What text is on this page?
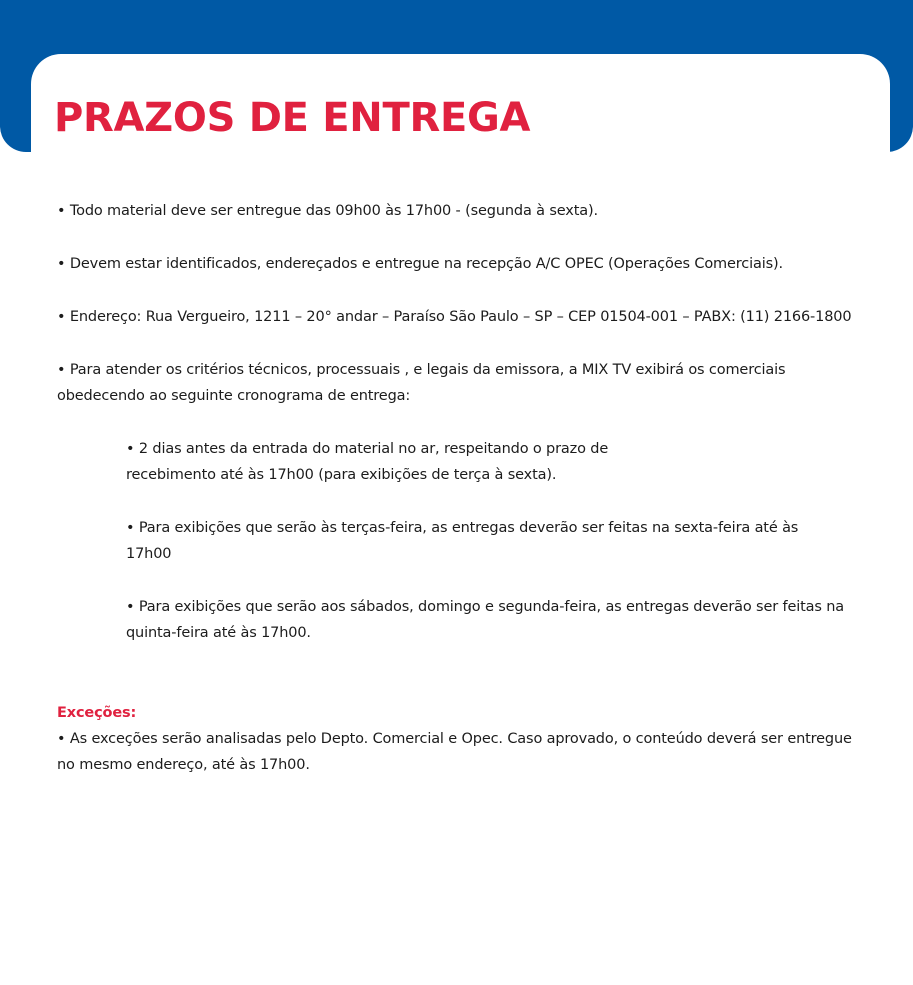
PRAZOS DE ENTREGA

• Todo material deve ser entregue das 09h00 às 17h00 - (segunda à sexta).

• Devem estar identificados, endereçados e entregue na recepção A/C OPEC (Operações Comerciais).

• Endereço: Rua Vergueiro, 1211 – 20° andar – Paraíso São Paulo – SP – CEP 01504-001 – PABX: (11) 2166-1800

• Para atender os critérios técnicos, processuais , e legais da emissora, a MIX TV exibirá os comerciais obedecendo ao seguinte cronograma de entrega:

• 2 dias antes da entrada do material no ar, respeitando o prazo de recebimento até às 17h00 (para exibições de terça à sexta).

• Para exibições que serão às terças-feira, as entregas deverão ser feitas na sexta-feira até às 17h00

• Para exibições que serão aos sábados, domingo e segunda-feira, as entregas deverão ser feitas na quinta-feira até às 17h00.

Exceções:

• As exceções serão analisadas pelo Depto. Comercial e Opec. Caso aprovado, o conteúdo deverá ser entregue no mesmo endereço, até às 17h00.
